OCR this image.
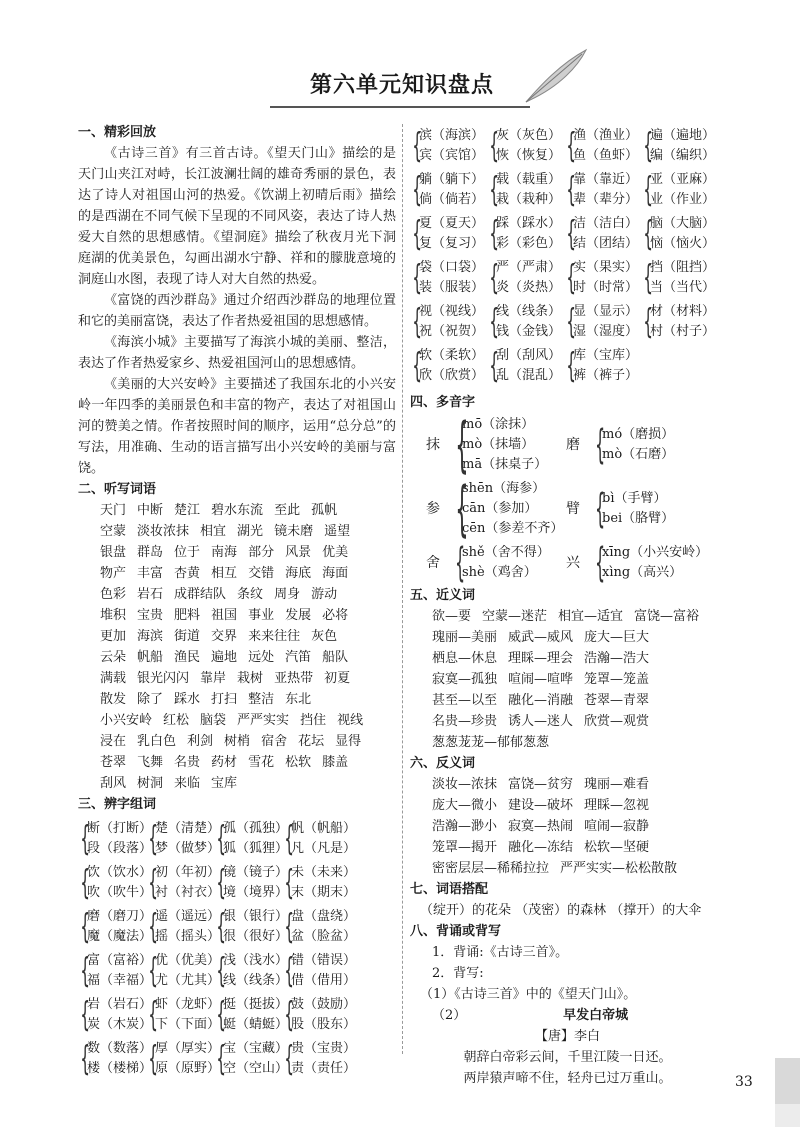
第六单元知识盘点
一、精彩回放

《古诗三首》有三首古诗。《望天门山》描绘的是天门山夹江对峙，长江波澜壮阔的雄奇秀丽的景色，表达了诗人对祖国山河的热爱。《饮湖上初晴后雨》描绘的是西湖在不同气候下呈现的不同风姿，表达了诗人热爱大自然的思想感情。《望洞庭》描绘了秋夜月光下洞庭湖的优美景色，勾画出湖水宁静、祥和的朦胧意境的洞庭山水图，表现了诗人对大自然的热爱。

《富饶的西沙群岛》通过介绍西沙群岛的地理位置和它的美丽富饶，表达了作者热爱祖国的思想感情。

《海滨小城》主要描写了海滨小城的美丽、整洁，表达了作者热爱家乡、热爱祖国河山的思想感情。

《美丽的大兴安岭》主要描述了我国东北的小兴安岭一年四季的美丽景色和丰富的物产，表达了对祖国山河的赞美之情。作者按照时间的顺序，运用“总分总”的写法，用准确、生动的语言描写出小兴安岭的美丽与富饶。

二、听写词语
天门 中断 楚江 碧水东流 至此 孤帆
空蒙 淡妆浓抹 相宜 湖光 镜未磨 遥望
银盘 群岛 位于 南海 部分 风景 优美
物产 丰富 杏黄 相互 交错 海底 海面
色彩 岩石 成群结队 条纹 周身 游动
堆积 宝贵 肥料 祖国 事业 发展 必将
更加 海滨 街道 交界 来来往往 灰色
云朵 帆船 渔民 遍地 远处 汽笛 船队
满载 银光闪闪 靠岸 栽树 亚热带 初夏
散发 除了 踩水 打扫 整洁 东北
小兴安岭 红松 脑袋 严严实实 挡住 视线
浸在 乳白色 利剑 树梢 宿舍 花坛 显得
苍翠 飞舞 名贵 药材 雪花 松软 膝盖
刮风 树洞 来临 宝库
三、辨字组词
{
断（打断）
段（段落）
{
楚（清楚）
梦（做梦）
{
孤（孤独）
狐（狐狸）
{
帆（帆船）
凡（凡是）
{
饮（饮水）
吹（吹牛）
{
初（年初）
衬（衬衣）
{
镜（镜子）
境（境界）
{
未（未来）
末（期末）
{
磨（磨刀）
魔（魔法）
{
遥（遥远）
摇（摇头）
{
银（银行）
很（很好）
{
盘（盘绕）
盆（脸盆）
{
富（富裕）
福（幸福）
{
优（优美）
尤（尤其）
{
浅（浅水）
线（线条）
{
错（错误）
借（借用）
{
岩（岩石）
炭（木炭）
{
虾（龙虾）
下（下面）
{
挺（挺拔）
蜓（蜻蜓）
{
鼓（鼓励）
股（股东）
{
数（数落）
楼（楼梯）
{
厚（厚实）
原（原野）
{
宝（宝藏）
空（空山）
{
贵（宝贵）
责（责任）
{
滨（海滨）
宾（宾馆） {
灰（灰色）
恢（恢复） {
渔（渔业）
鱼（鱼虾） {
遍（遍地）
编（编织）
{
躺（躺下）
倘（倘若） {
载（载重）
栽（栽种） {
靠（靠近）
辈（辈分） {
亚（亚麻）
业（作业）
{
夏（夏天）
复（复习） {
踩（踩水）
彩（彩色） {
洁（洁白）
结（团结） {
脑（大脑）
恼（恼火）
{
袋（口袋）
装（服装） {
严（严肃）
炎（炎热） {
实（果实）
时（时常） {
挡（阻挡）
当（当代）
{
视（视线）
祝（祝贺） {
线（线条）
钱（金钱） {
显（显示）
湿（湿度） {
材（材料）
村（村子）
{
软（柔软）
欣（欣赏） {
刮（刮风）
乱（混乱） {
库（宝库）
裤（裤子）
四、多音字
抹 {
mō（涂抹）
mò（抹墙）
mā（抹桌子）
磨 {
mó（磨损）
mò（石磨）
参 {
shēn（海参）
cān（参加）
cēn（参差不齐）
臂 {
bì（手臂）
bei（胳臂）
舍 {
shě（舍不得）
shè（鸡舍）
兴 {
xīng（小兴安岭）
xìng（高兴）
五、近义词
欲—要 空蒙—迷茫 相宜—适宜 富饶—富裕
瑰丽—美丽 威武—威风 庞大—巨大
栖息—休息 理睬—理会 浩瀚—浩大
寂寞—孤独 喧闹—喧哗 笼罩—笼盖
甚至—以至 融化—消融 苍翠—青翠
名贵—珍贵 诱人—迷人 欣赏—观赏
葱葱茏茏—郁郁葱葱
六、反义词
淡妆—浓抹 富饶—贫穷 瑰丽—难看
庞大—微小 建设—破坏 理睬—忽视
浩瀚—渺小 寂寞—热闹 喧闹—寂静
笼罩—揭开 融化—冻结 松软—坚硬
密密层层—稀稀拉拉 严严实实—松松散散
七、词语搭配
（绽开）的花朵 （茂密）的森林 （撑开）的大伞
八、背诵或背写
1．背诵:《古诗三首》。
2．背写:
（1）《古诗三首》中的《望天门山》。
（2）	早发白帝城
【唐】李白
朝辞白帝彩云间，千里江陵一日还。
两岸猿声啼不住，轻舟已过万重山。	33
